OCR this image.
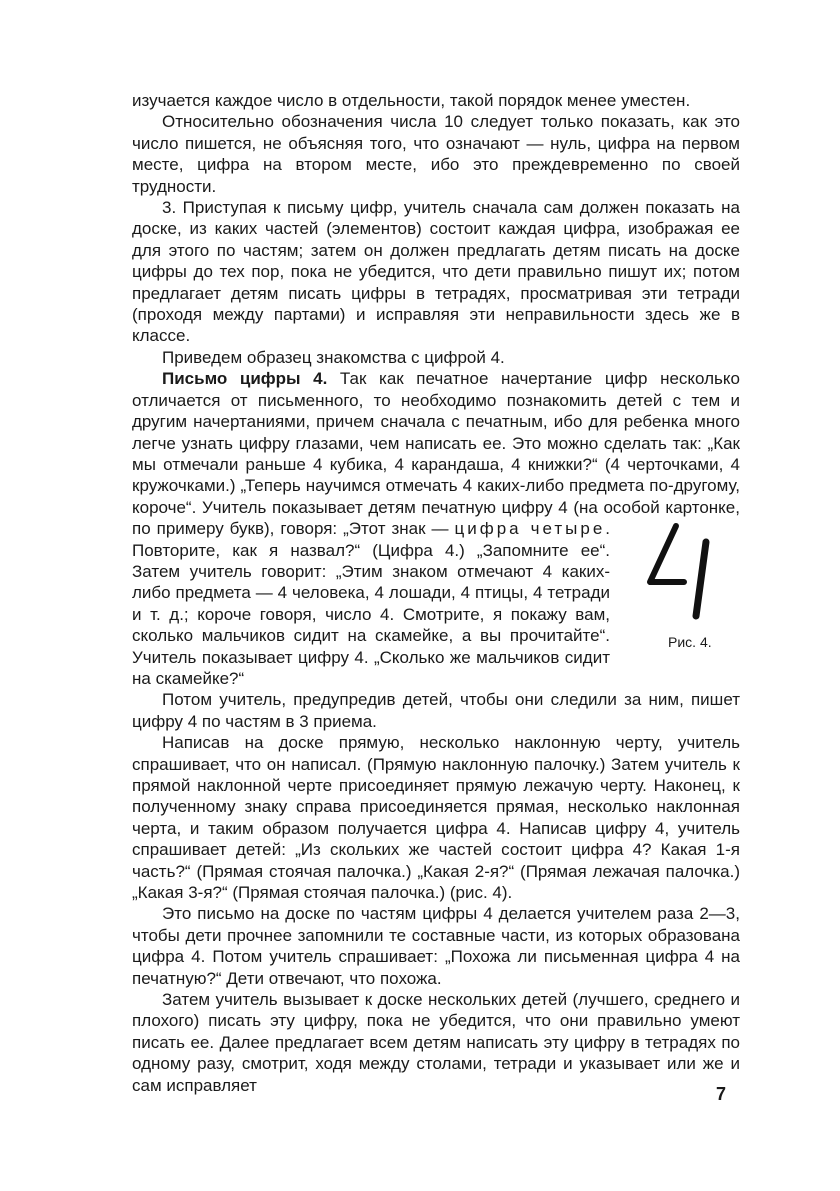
изучается каждое число в отдельности, такой порядок менее уместен.

Относительно обозначения числа 10 следует только показать, как это число пишется, не объясняя того, что означают — нуль, цифра на первом месте, цифра на втором месте, ибо это преждевременно по своей трудности.

3. Приступая к письму цифр, учитель сначала сам должен показать на доске, из каких частей (элементов) состоит каждая цифра, изображая ее для этого по частям; затем он должен предлагать детям писать на доске цифры до тех пор, пока не убедится, что дети правильно пишут их; потом предлагает детям писать цифры в тетрадях, просматривая эти тетради (проходя между партами) и исправляя эти неправильности здесь же в классе.

Приведем образец знакомства с цифрой 4.

Письмо цифры 4. Так как печатное начертание цифр несколько отличается от письменного, то необходимо познакомить детей с тем и другим начертаниями, причем сначала с печатным, ибо для ребенка много легче узнать цифру глазами, чем написать ее. Это можно сделать так: „Как мы отмечали раньше 4 кубика, 4 карандаша, 4 книжки?“ (4 черточками, 4 кружочками.) „Теперь научимся отмечать 4 каких-либо предмета по-другому, короче“. Учитель показывает детям печатную цифру 4 (на особой картонке, по примеру букв), говоря: „Этот знак —
Рис. 4.
цифра четыре. Повторите, как я назвал?“ (Цифра 4.) „Запомните ее“. Затем учитель говорит: „Этим знаком отмечают 4 каких-либо предмета — 4 человека, 4 лошади, 4 птицы, 4 тетради и т. д.; короче говоря, число 4. Смотрите, я покажу вам, сколько мальчиков сидит на скамейке, а вы прочитайте“. Учитель показывает цифру 4. „Сколько же мальчиков сидит на скамейке?“

Потом учитель, предупредив детей, чтобы они следили за ним, пишет цифру 4 по частям в 3 приема.

Написав на доске прямую, несколько наклонную черту, учитель спрашивает, что он написал. (Прямую наклонную палочку.) Затем учитель к прямой наклонной черте присоединяет прямую лежачую черту. Наконец, к полученному знаку справа присоединяется прямая, несколько наклонная черта, и таким образом получается цифра 4. Написав цифру 4, учитель спрашивает детей: „Из скольких же частей состоит цифра 4? Какая 1-я часть?“ (Прямая стоячая палочка.) „Какая 2-я?“ (Прямая лежачая палочка.) „Какая 3-я?“ (Прямая стоячая палочка.) (рис. 4).

Это письмо на доске по частям цифры 4 делается учителем раза 2—3, чтобы дети прочнее запомнили те составные части, из которых образована цифра 4. Потом учитель спрашивает: „Похожа ли письменная цифра 4 на печатную?“ Дети отвечают, что похожа.

Затем учитель вызывает к доске нескольких детей (лучшего, среднего и плохого) писать эту цифру, пока не убедится, что они правильно умеют писать ее. Далее предлагает всем детям написать эту цифру в тетрадях по одному разу, смотрит, ходя между столами, тетради и указывает или же и сам исправляет	7
